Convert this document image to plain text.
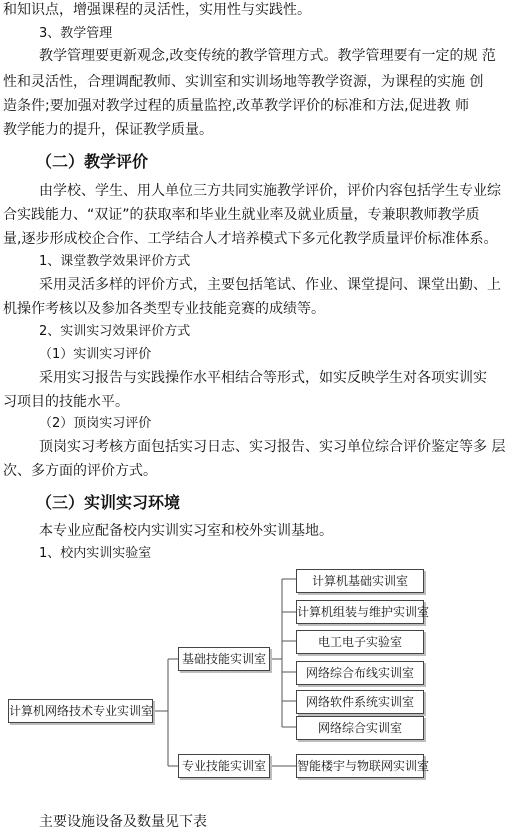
和知识点，增强课程的灵活性，实用性与实践性。
3、教学管理
教学管理要更新观念,改变传统的教学管理方式。教学管理要有一定的规 范
性和灵活性，合理调配教师、实训室和实训场地等教学资源，为课程的实施 创
造条件;要加强对教学过程的质量监控,改革教学评价的标准和方法,促进教 师
教学能力的提升，保证教学质量。
（二）教学评价
由学校、学生、用人单位三方共同实施教学评价，评价内容包括学生专业综
合实践能力、“双证”的获取率和毕业生就业率及就业质量，专兼职教师教学质
量,逐步形成校企合作、工学结合人才培养模式下多元化教学质量评价标准体系。
1、课堂教学效果评价方式
采用灵活多样的评价方式，主要包括笔试、作业、课堂提问、课堂出勤、上
机操作考核以及参加各类型专业技能竞赛的成绩等。
2、实训实习效果评价方式
（1）实训实习评价
采用实习报告与实践操作水平相结合等形式，如实反映学生对各项实训实
习项目的技能水平。
（2）顶岗实习评价
顶岗实习考核方面包括实习日志、实习报告、实习单位综合评价鉴定等多 层
次、多方面的评价方式。
（三）实训实习环境
本专业应配备校内实训实习室和校外实训基地。
1、校内实训实验室
计算机网络技术专业实训室
基础技能实训室
专业技能实训室
计算机基础实训室
计算机组装与维护实训室
电工电子实验室
网络综合布线实训室
网络软件系统实训室
网络综合实训室
智能楼宇与物联网实训室
主要设施设备及数量见下表
